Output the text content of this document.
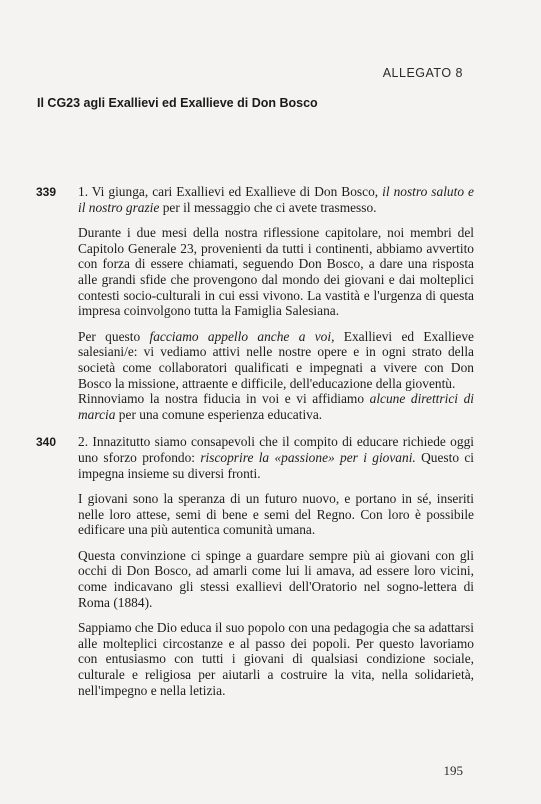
ALLEGATO 8
Il CG23 agli Exallievi ed Exallieve di Don Bosco
339 1. Vi giunga, cari Exallievi ed Exallieve di Don Bosco, il nostro saluto e il nostro grazie per il messaggio che ci avete trasmesso.

Durante i due mesi della nostra riflessione capitolare, noi membri del Capitolo Generale 23, provenienti da tutti i continenti, abbiamo avvertito con forza di essere chiamati, seguendo Don Bosco, a dare una risposta alle grandi sfide che provengono dal mondo dei giovani e dai molteplici contesti socio-culturali in cui essi vivono. La vastità e l'urgenza di questa impresa coinvolgono tutta la Famiglia Salesiana.

Per questo facciamo appello anche a voi, Exallievi ed Exallieve salesiani/e: vi vediamo attivi nelle nostre opere e in ogni strato della società come collaboratori qualificati e impegnati a vivere con Don Bosco la missione, attraente e difficile, dell'educazione della gioventù.

Rinnoviamo la nostra fiducia in voi e vi affidiamo alcune direttrici di marcia per una comune esperienza educativa.

340 2. Innazitutto siamo consapevoli che il compito di educare richiede oggi uno sforzo profondo: riscoprire la «passione» per i giovani. Questo ci impegna insieme su diversi fronti.

I giovani sono la speranza di un futuro nuovo, e portano in sé, inseriti nelle loro attese, semi di bene e semi del Regno. Con loro è possibile edificare una più autentica comunità umana.

Questa convinzione ci spinge a guardare sempre più ai giovani con gli occhi di Don Bosco, ad amarli come lui li amava, ad essere loro vicini, come indicavano gli stessi exallievi dell'Oratorio nel sogno-lettera di Roma (1884).

Sappiamo che Dio educa il suo popolo con una pedagogia che sa adattarsi alle molteplici circostanze e al passo dei popoli. Per questo lavoriamo con entusiasmo con tutti i giovani di qualsiasi condizione sociale, culturale e religiosa per aiutarli a costruire la vita, nella solidarietà, nell'impegno e nella letizia.

195
